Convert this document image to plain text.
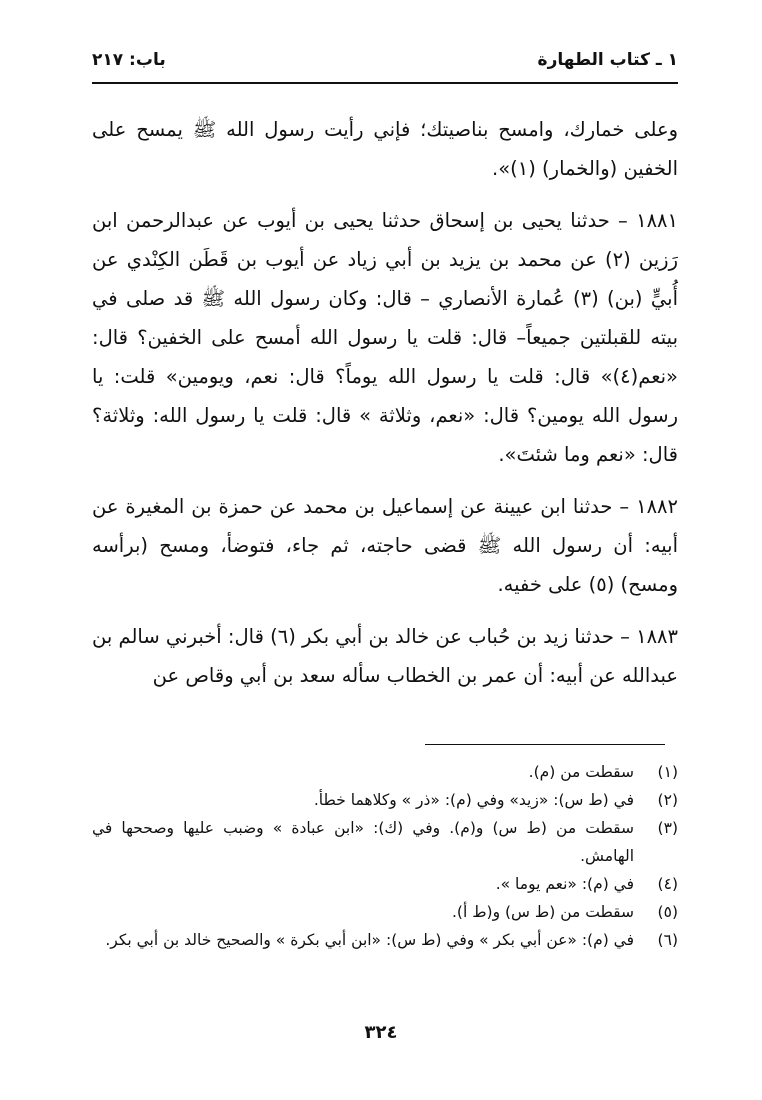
١ ـ كتاب الطهارة
باب: ٢١٧

وعلى خمارك، وامسح بناصيتك؛ فإني رأيت رسول الله ﷺ يمسح على الخفين (والخمار) (١)».

١٨٨١ – حدثنا يحيى بن إسحاق حدثنا يحيى بن أيوب عن عبدالرحمن ابن رَزين (٢) عن محمد بن يزيد بن أبي زياد عن أيوب بن قَطَن الكِنْدي عن أُبيٍّ (بن) (٣) عُمارة الأنصاري – قال: وكان رسول الله ﷺ قد صلى في بيته للقبلتين جميعاً– قال: قلت يا رسول الله أمسح على الخفين؟ قال: «نعم(٤)» قال: قلت يا رسول الله يوماً؟ قال: نعم، ويومين» قلت: يا رسول الله يومين؟ قال: «نعم، وثلاثة » قال: قلت يا رسول الله: وثلاثة؟ قال: «نعم وما شئتَ».

١٨٨٢ – حدثنا ابن عيينة عن إسماعيل بن محمد عن حمزة بن المغيرة عن أبيه: أن رسول الله ﷺ قضى حاجته، ثم جاء، فتوضأ، ومسح (برأسه ومسح) (٥) على خفيه.

١٨٨٣ – حدثنا زيد بن حُباب عن خالد بن أبي بكر (٦) قال: أخبرني سالم بن عبدالله عن أبيه: أن عمر بن الخطاب سأله سعد بن أبي وقاص عن

(١)
سقطت من (م).
(٢)
في (ط س): «زيد» وفي (م): «ذر » وكلاهما خطأ.
(٣)
سقطت من (ط س) و(م). وفي (ك): «ابن عبادة » وضبب عليها وصححها في الهامش.
(٤)
في (م): «نعم يوما ».
(٥)
سقطت من (ط س) و(ط أ).
(٦)
في (م): «عن أبي بكر » وفي (ط س): «ابن أبي بكرة » والصحيح خالد بن أبي بكر.
٣٢٤
